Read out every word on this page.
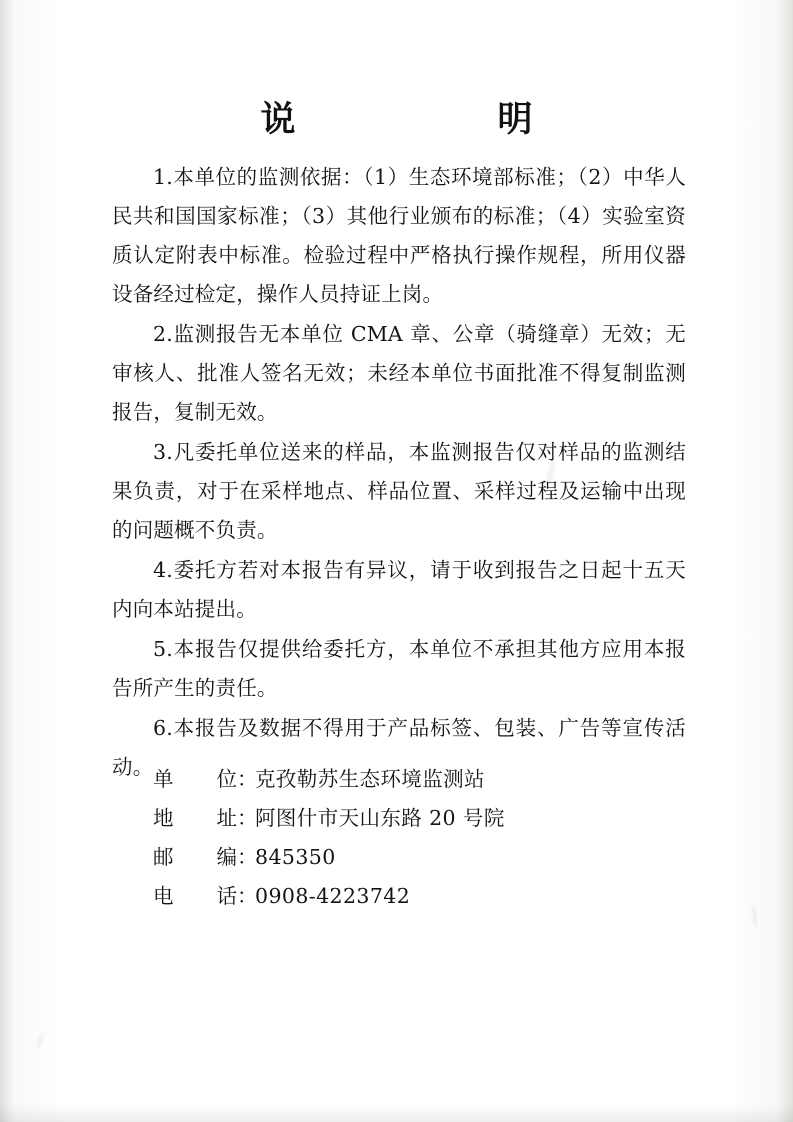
说　　明

1.本单位的监测依据：（1）生态环境部标准；（2）中华人民共和国国家标准；（3）其他行业颁布的标准；（4）实验室资质认定附表中标准。检验过程中严格执行操作规程，所用仪器设备经过检定，操作人员持证上岗。

2.监测报告无本单位 CMA 章、公章（骑缝章）无效；无审核人、批准人签名无效；未经本单位书面批准不得复制监测报告，复制无效。

3.凡委托单位送来的样品，本监测报告仅对样品的监测结果负责，对于在采样地点、样品位置、采样过程及运输中出现的问题概不负责。

4.委托方若对本报告有异议，请于收到报告之日起十五天内向本站提出。

5.本报告仅提供给委托方，本单位不承担其他方应用本报告所产生的责任。

6.本报告及数据不得用于产品标签、包装、广告等宣传活动。 单 位 ：
克孜勒苏生态环境监测站
地 址 ：
阿图什市天山东路 20 号院
邮 编 ：
845350
电 话 ：
0908-4223742
